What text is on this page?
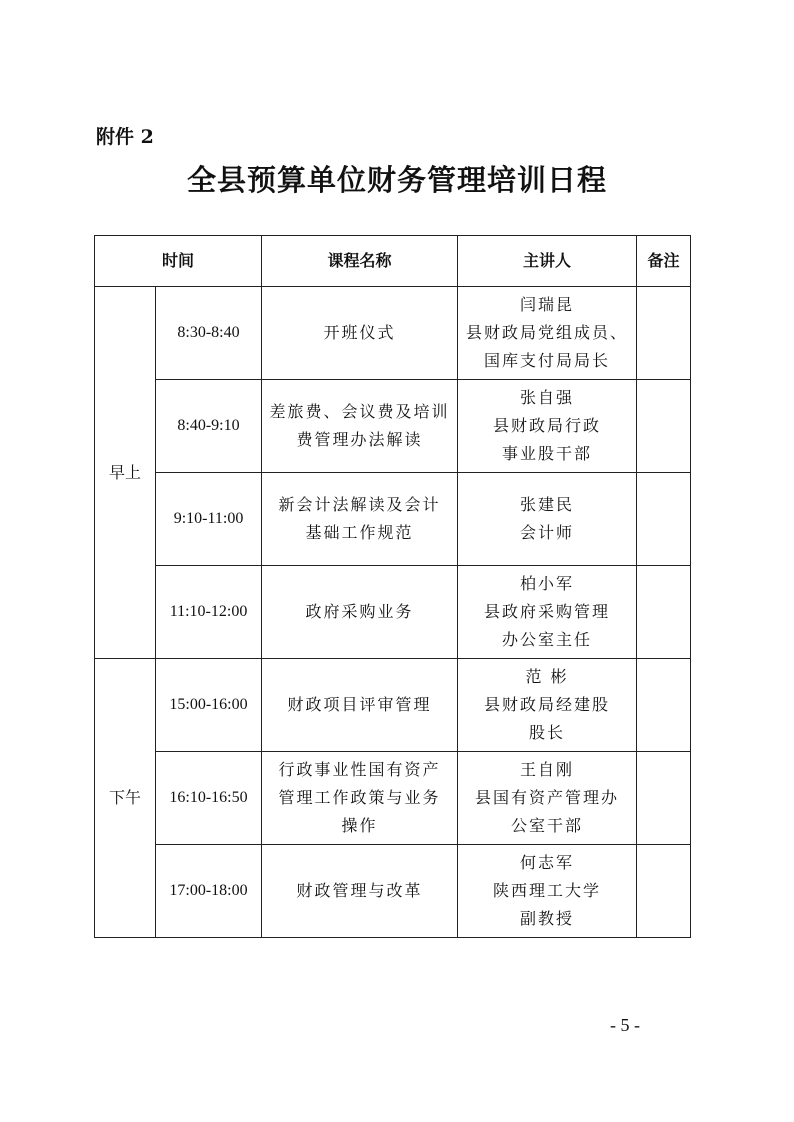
附件 2
全县预算单位财务管理培训日程
时间		课程名称	主讲人	备注
早上	8:30-8:40	开班仪式	闫瑞昆
县财政局党组成员、
国库支付局局长	

	8:40-9:10	差旅费、会议费及培训
费管理办法解读	张自强
县财政局行政
事业股干部	

	9:10-11:00	新会计法解读及会计
基础工作规范	张建民
会计师	

	11:10-12:00	政府采购业务	柏小军
县政府采购管理
办公室主任	

下午	15:00-16:00	财政项目评审管理	范 彬
县财政局经建股
股长	

	16:10-16:50	行政事业性国有资产
管理工作政策与业务
操作	王自刚
县国有资产管理办
公室干部	

	17:00-18:00	财政管理与改革	何志军
陕西理工大学
副教授	

- 5 -
